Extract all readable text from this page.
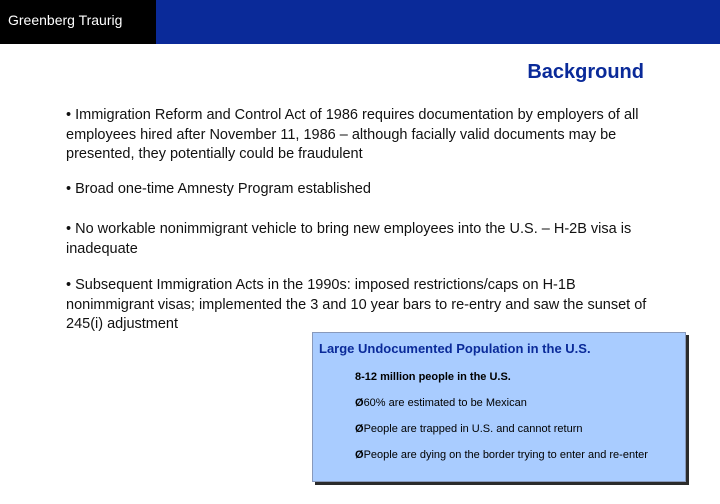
Greenberg Traurig
Background
• Immigration Reform and Control Act of 1986 requires documentation by employers of all employees hired after November 11, 1986 – although facially valid documents may be presented, they potentially could be fraudulent
• Broad one-time Amnesty Program established
• No workable nonimmigrant vehicle to bring new employees into the U.S. – H-2B visa is inadequate
• Subsequent Immigration Acts in the 1990s: imposed restrictions/caps on H-1B nonimmigrant visas; implemented the 3 and 10 year bars to re-entry and saw the sunset of 245(i) adjustment
Large Undocumented Population in the U.S.
8-12 million people in the U.S.
Ø60% are estimated to be Mexican
ØPeople are trapped in U.S. and cannot return
ØPeople are dying on the border trying to enter and re-enter
